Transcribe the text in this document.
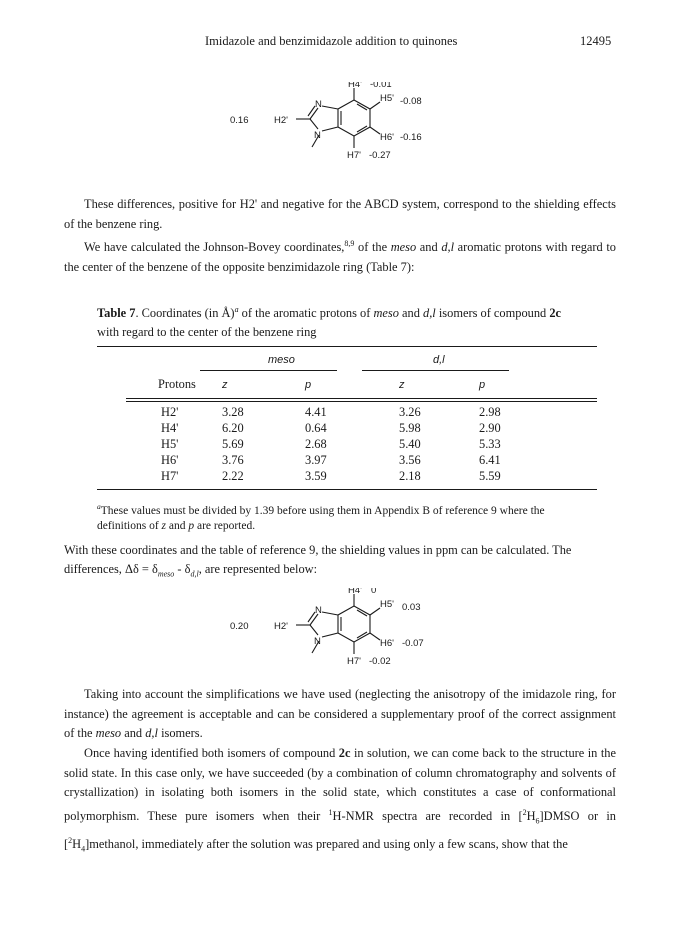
Imidazole and benzimidazole addition to quinones	12495
0.16	H2'
N
N
H4' -0.01
H5' -0.08
H6' -0.16
H7' -0.27
These differences, positive for H2' and negative for the ABCD system, correspond to the shielding effects of the benzene ring.
We have calculated the Johnson-Bovey coordinates,$^{8,9}$ of the meso and d,l aromatic protons with regard to the center of the benzene of the opposite benzimidazole ring (Table 7):
Table 7. Coordinates (in Å)$^a$ of the aromatic protons of meso and d,l isomers of compound 2c
with regard to the center of the benzene ring
meso	d,l
Protons z	p	z	p
H2'	3.28	4.41	3.26	2.98
H4'	6.20	0.64	5.98	2.90
H5'	5.69	2.68	5.40	5.33
H6'	3.76	3.97	3.56	6.41
H7'	2.22	3.59	2.18	5.59
$^a$These values must be divided by 1.39 before using them in Appendix B of reference 9 where the
definitions of z and p are reported.
With these coordinates and the table of reference 9, the shielding values in ppm can be calculated. The
differences, $\Delta\delta = \delta_{meso} - \delta_{d,l}$, are represented below:
0.20	H2'
N
N
H4' 0
H5' 0.03
H6' -0.07
H7' -0.02
Taking into account the simplifications we have used (neglecting the anisotropy of the imidazole ring, for instance) the agreement is acceptable and can be considered a supplementary proof of the correct assignment of the meso and d,l isomers.
Once having identified both isomers of compound 2c in solution, we can come back to the structure in the solid state. In this case only, we have succeeded (by a combination of column chromatography and solvents of crystallization) in isolating both isomers in the solid state, which constitutes a case of conformational polymorphism. These pure isomers when their $^1$H-NMR spectra are recorded in $[^2H_6]DMSO$ or in $[^2H_4]methanol$, immediately after the solution was prepared and using only a few scans, show that the
